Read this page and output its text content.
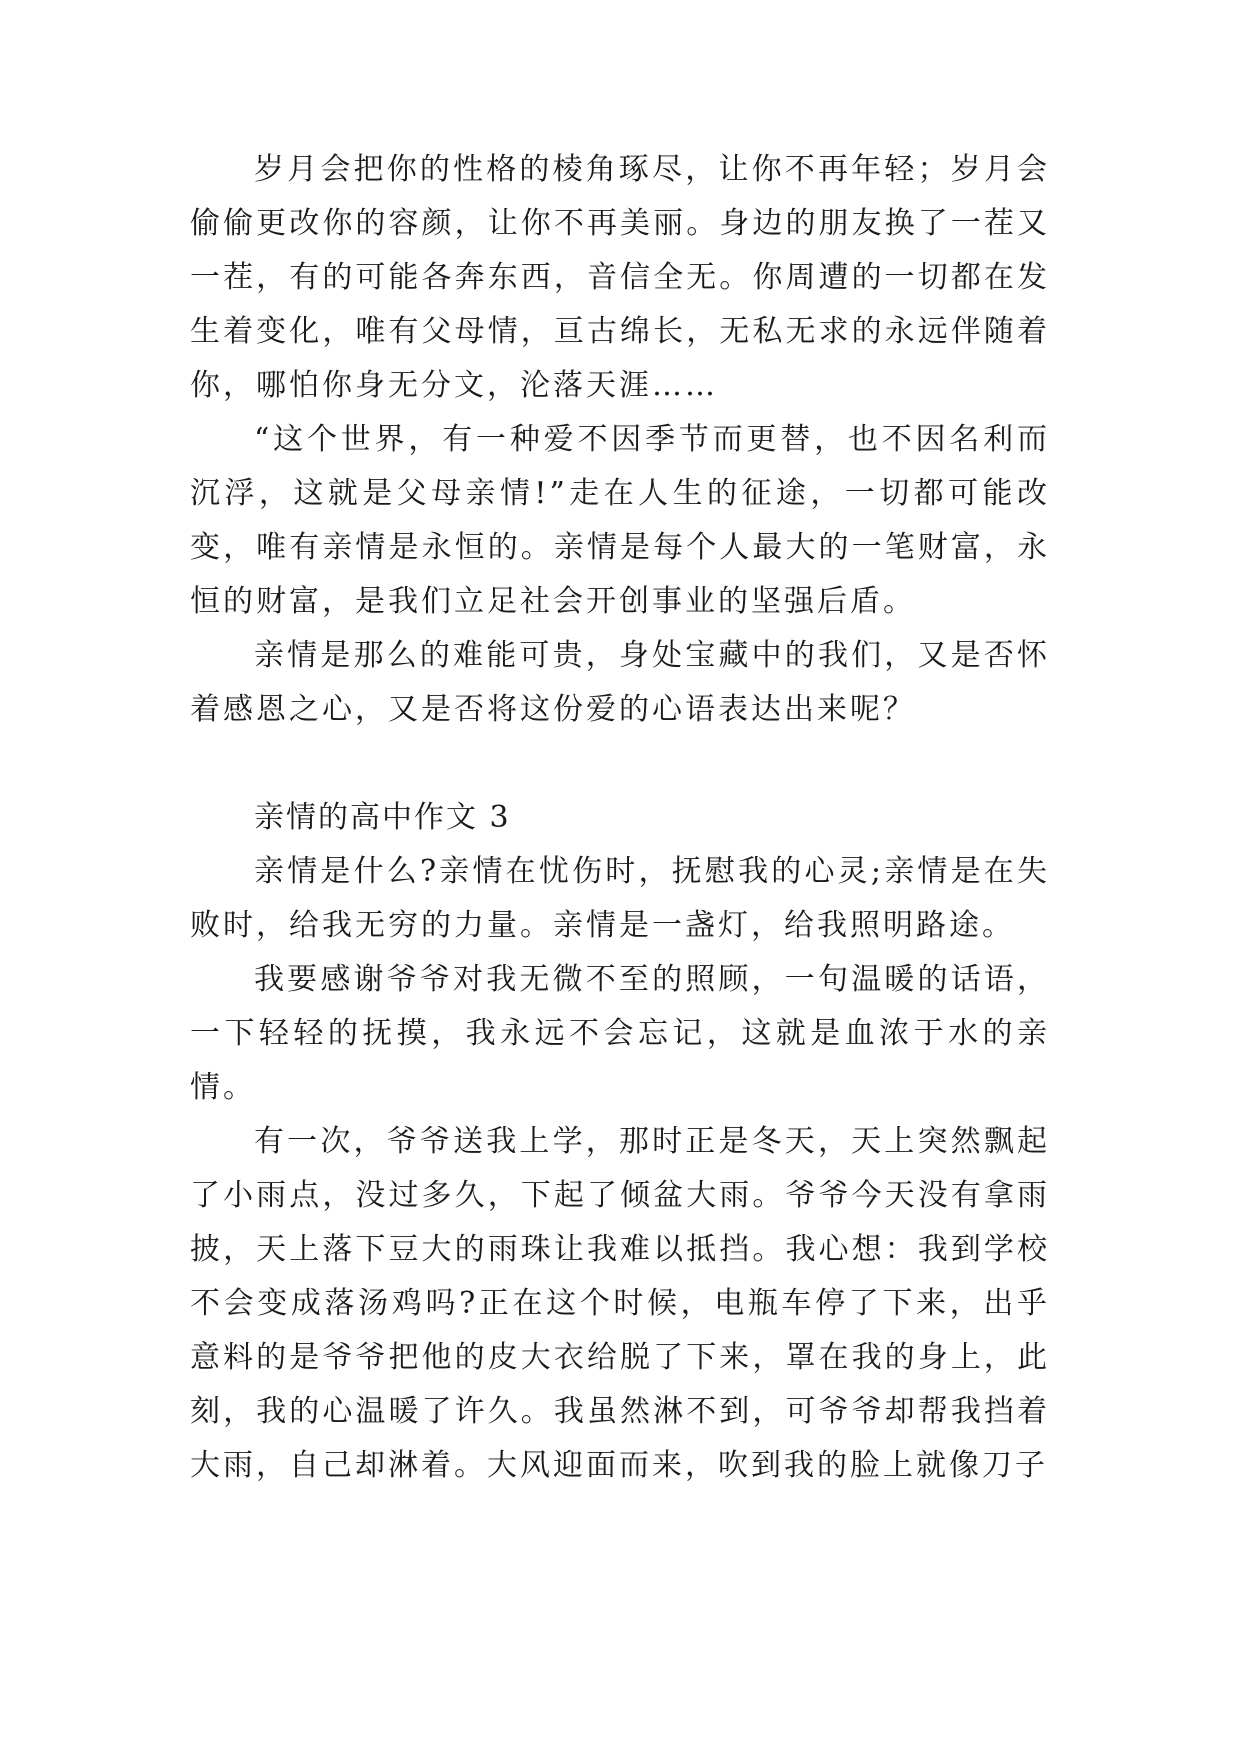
岁月会把你的性格的棱角琢尽，让你不再年轻；岁月会偷偷更改你的容颜，让你不再美丽。身边的朋友换了一茬又一茬，有的可能各奔东西，音信全无。你周遭的一切都在发生着变化，唯有父母情，亘古绵长，无私无求的永远伴随着你，哪怕你身无分文，沦落天涯……

“这个世界，有一种爱不因季节而更替，也不因名利而沉浮，这就是父母亲情!”走在人生的征途，一切都可能改变，唯有亲情是永恒的。亲情是每个人最大的一笔财富，永恒的财富，是我们立足社会开创事业的坚强后盾。

亲情是那么的难能可贵，身处宝藏中的我们，又是否怀着感恩之心，又是否将这份爱的心语表达出来呢？

亲情的高中作文 3

亲情是什么?亲情在忧伤时，抚慰我的心灵;亲情是在失败时，给我无穷的力量。亲情是一盏灯，给我照明路途。

我要感谢爷爷对我无微不至的照顾，一句温暖的话语，一下轻轻的抚摸，我永远不会忘记，这就是血浓于水的亲情。

有一次，爷爷送我上学，那时正是冬天，天上突然飘起了小雨点，没过多久，下起了倾盆大雨。爷爷今天没有拿雨披，天上落下豆大的雨珠让我难以抵挡。我心想：我到学校不会变成落汤鸡吗?正在这个时候，电瓶车停了下来，出乎意料的是爷爷把他的皮大衣给脱了下来，罩在我的身上，此刻，我的心温暖了许久。我虽然淋不到，可爷爷却帮我挡着大雨，自己却淋着。大风迎面而来，吹到我的脸上就像刀子
